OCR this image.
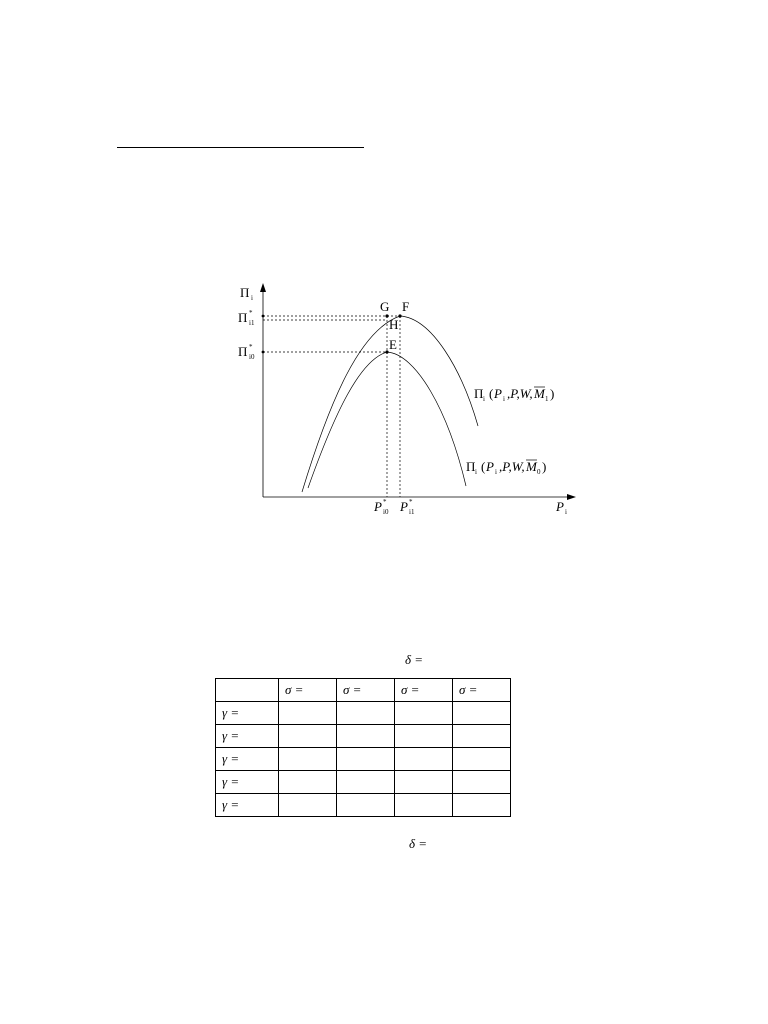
G F
H
E
Π i
Π *
i1
Π *
i0
P *
i0 P *
i1	P i
Π i ( P i ,P,W, M 1 )
Π i ( P i ,P,W, M 0 )
δ =
	σ =	σ =	σ =	σ =
γ =				
γ =				
γ =				
γ =				
γ =				
δ =
